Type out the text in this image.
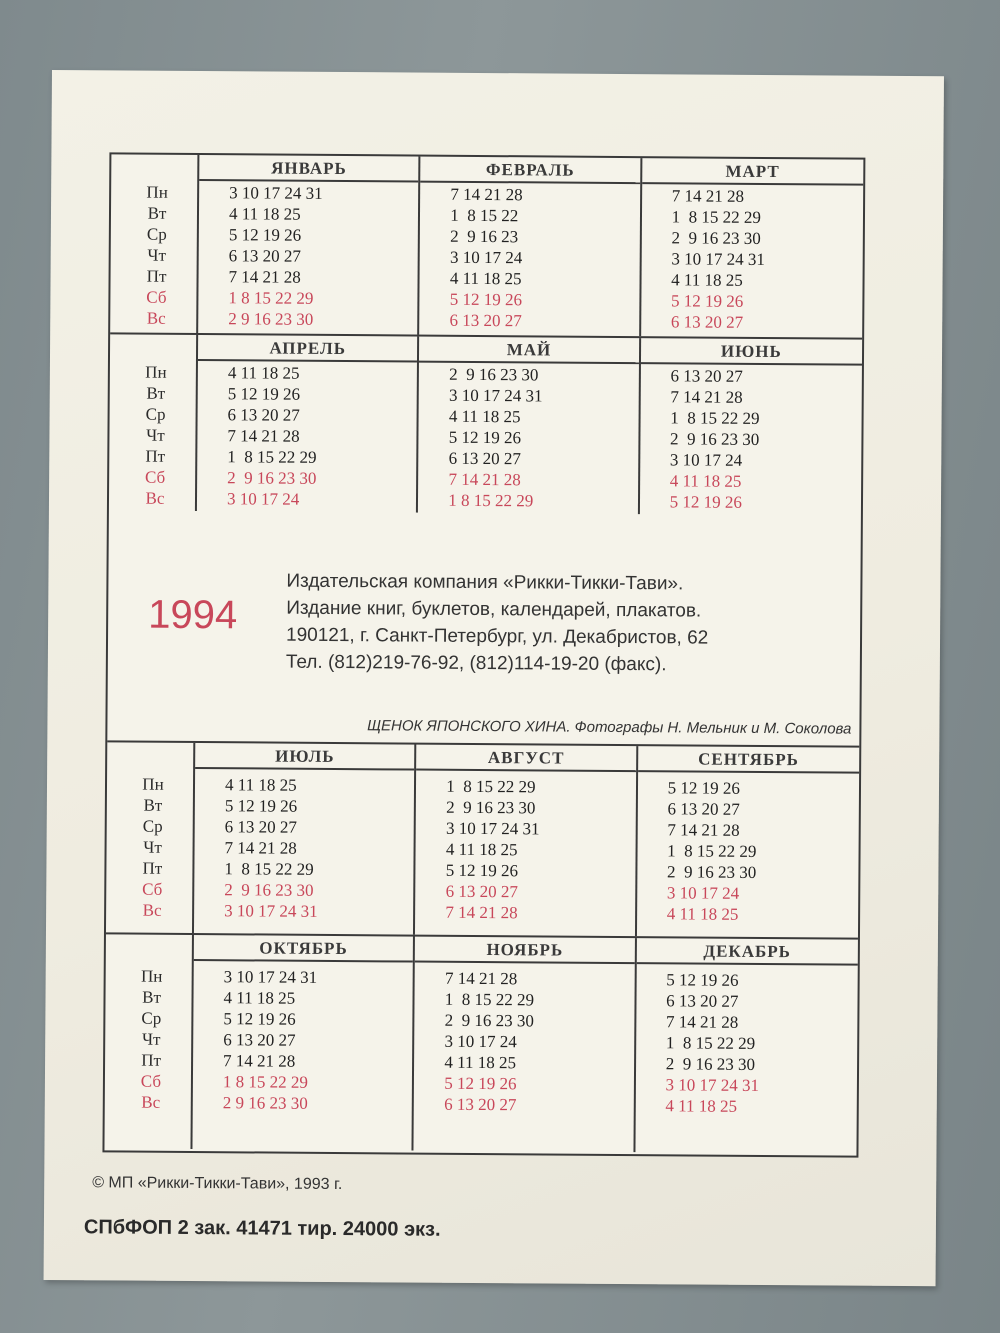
Пн
Вт
Ср
Чт
Пт
Сб
Вс
ЯНВАРЬ
3 10 17 24 31
4 11 18 25
5 12 19 26
6 13 20 27
7 14 21 28
1 8 15 22 29
2 9 16 23 30
ФЕВРАЛЬ
7 14 21 28
1  8 15 22
2  9 16 23
3 10 17 24
4 11 18 25
5 12 19 26
6 13 20 27
МАРТ
7 14 21 28
1  8 15 22 29
2  9 16 23 30
3 10 17 24 31
4 11 18 25
5 12 19 26
6 13 20 27
Пн
Вт
Ср
Чт
Пт
Сб
Вс
АПРЕЛЬ
4 11 18 25
5 12 19 26
6 13 20 27
7 14 21 28
1  8 15 22 29
2  9 16 23 30
3 10 17 24
МАЙ
2  9 16 23 30
3 10 17 24 31
4 11 18 25
5 12 19 26
6 13 20 27
7 14 21 28
1 8 15 22 29
ИЮНЬ
6 13 20 27
7 14 21 28
1  8 15 22 29
2  9 16 23 30
3 10 17 24
4 11 18 25
5 12 19 26
1994
Издательская компания «Рикки-Тикки-Тави».
Издание книг, буклетов, календарей, плакатов.
190121, г. Санкт-Петербург, ул. Декабристов, 62
Тел. (812)219-76-92, (812)114-19-20 (факс).
ЩЕНОК ЯПОНСКОГО ХИНА. Фотографы Н. Мельник и М. Соколова
Пн
Вт
Ср
Чт
Пт
Сб
Вс
ИЮЛЬ
4 11 18 25
5 12 19 26
6 13 20 27
7 14 21 28
1  8 15 22 29
2  9 16 23 30
3 10 17 24 31
АВГУСТ
1  8 15 22 29
2  9 16 23 30
3 10 17 24 31
4 11 18 25
5 12 19 26
6 13 20 27
7 14 21 28
СЕНТЯБРЬ
5 12 19 26
6 13 20 27
7 14 21 28
1  8 15 22 29
2  9 16 23 30
3 10 17 24
4 11 18 25
Пн
Вт
Ср
Чт
Пт
Сб
Вс
ОКТЯБРЬ
3 10 17 24 31
4 11 18 25
5 12 19 26
6 13 20 27
7 14 21 28
1 8 15 22 29
2 9 16 23 30
НОЯБРЬ
7 14 21 28
1  8 15 22 29
2  9 16 23 30
3 10 17 24
4 11 18 25
5 12 19 26
6 13 20 27
ДЕКАБРЬ
5 12 19 26
6 13 20 27
7 14 21 28
1  8 15 22 29
2  9 16 23 30
3 10 17 24 31
4 11 18 25
© МП «Рикки-Тикки-Тави», 1993 г.
СПбФОП 2 зак. 41471 тир. 24000 экз.
